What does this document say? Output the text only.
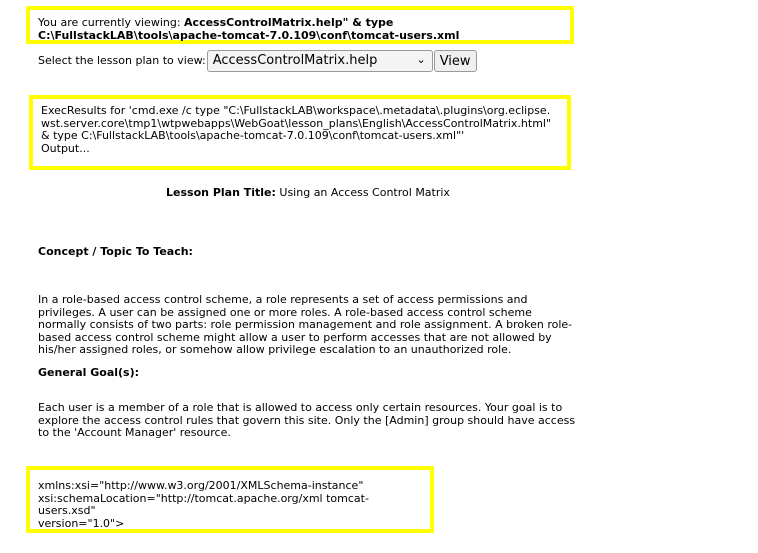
You are currently viewing: AccessControlMatrix.help" & type C:\FullstackLAB\tools\apache-tomcat-7.0.109\conf\tomcat-users.xml
Select the lesson plan to view: AccessControlMatrix.help	⌄	View
ExecResults for 'cmd.exe /c type "C:\FullstackLAB\workspace\.metadata\.plugins\org.eclipse.wst.server.core\tmp1\wtpwebapps\WebGoat\lesson_plans\English\AccessControlMatrix.html" & type C:\FullstackLAB\tools\apache-tomcat-7.0.109\conf\tomcat-users.xml"'
Output...
Lesson Plan Title: Using an Access Control Matrix
Concept / Topic To Teach:
In a role-based access control scheme, a role represents a set of access permissions and privileges. A user can be assigned one or more roles. A role-based access control scheme normally consists of two parts: role permission management and role assignment. A broken role-based access control scheme might allow a user to perform accesses that are not allowed by his/her assigned roles, or somehow allow privilege escalation to an unauthorized role.
General Goal(s):
Each user is a member of a role that is allowed to access only certain resources. Your goal is to explore the access control rules that govern this site. Only the [Admin] group should have access to the 'Account Manager' resource.
xmlns:xsi="http://www.w3.org/2001/XMLSchema-instance"
xsi:schemaLocation="http://tomcat.apache.org/xml tomcat-users.xsd"
version="1.0">
